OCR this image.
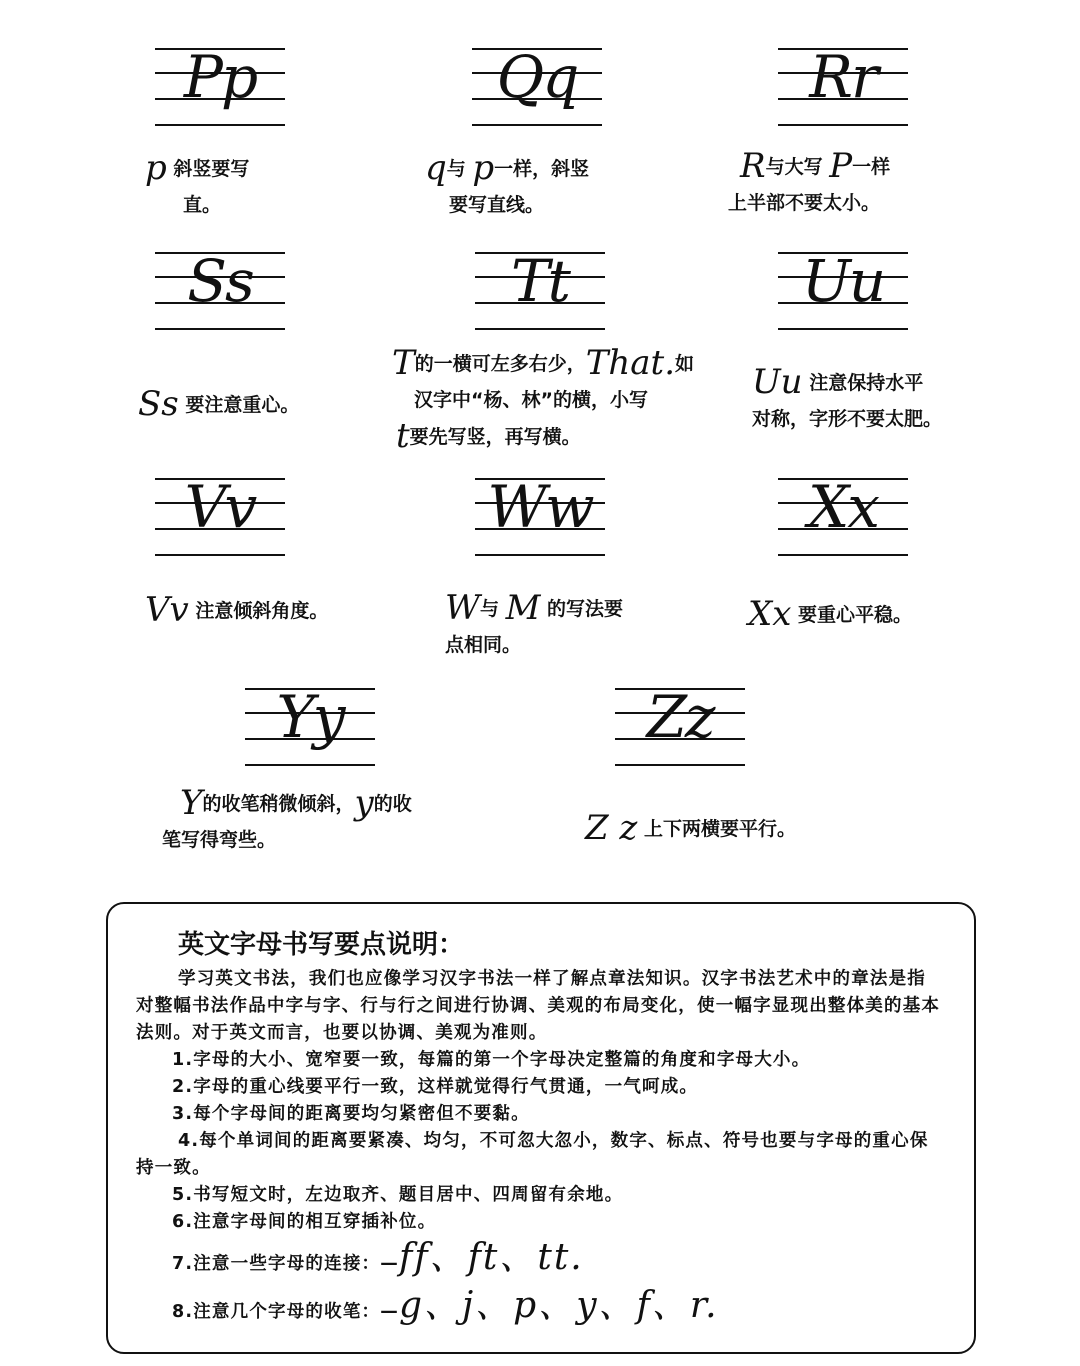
Pp	Qq	Rr
Ss	Tt	Uu
Vv	Ww	Xx
Yy	Zz
p 斜竖要写
直。
q与 p一样，斜竖
要写直线。
R与大写 P一样
上半部不要太小。
Ss 要注意重心。
T的一横可左多右少，That.如
汉字中“杨、林”的横，小写
t要先写竖，再写横。
Uu 注意保持水平
对称，字形不要太肥。
Vv 注意倾斜角度。	W与 M 的写法要
点相同。
Xx 要重心平稳。
Y的收笔稍微倾斜，y的收
笔写得弯些。	Z z 上下两横要平行。
英文字母书写要点说明：

学习英文书法，我们也应像学习汉字书法一样了解点章法知识。汉字书法艺术中的章法是指对整幅书法作品中字与字、行与行之间进行协调、美观的布局变化，使一幅字显现出整体美的基本法则。对于英文而言，也要以协调、美观为准则。

1.字母的大小、宽窄要一致，每篇的第一个字母决定整篇的角度和字母大小。

2.字母的重心线要平行一致，这样就觉得行气贯通，一气呵成。

3.每个字母间的距离要均匀紧密但不要黏。

4.每个单词间的距离要紧凑、均匀，不可忽大忽小，数字、标点、符号也要与字母的重心保持一致。

5.书写短文时，左边取齐、题目居中、四周留有余地。

6.注意字母间的相互穿插补位。

7.注意一些字母的连接：—ff、ft、tt.

8.注意几个字母的收笔：—g、j、p、y、f、r.
